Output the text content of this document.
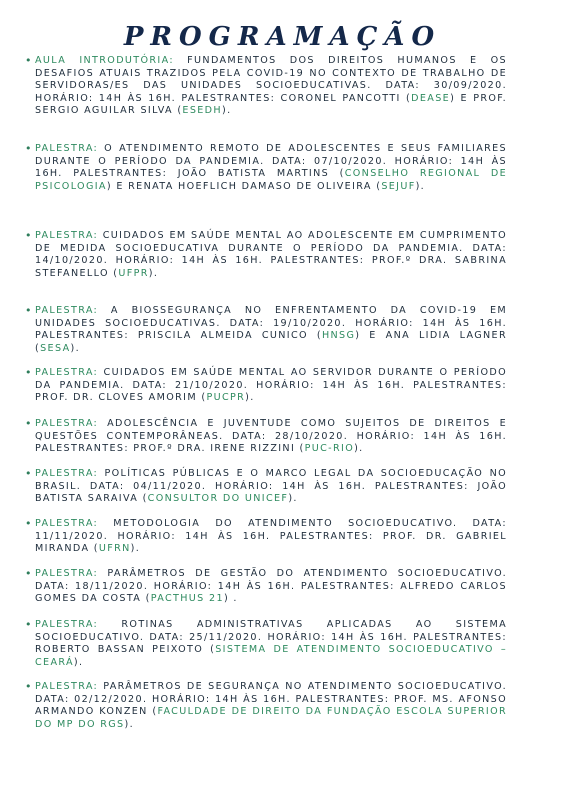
PROGRAMAÇÃO
• AULA INTRODUTÓRIA: FUNDAMENTOS DOS DIREITOS HUMANOS E OS DESAFIOS ATUAIS TRAZIDOS PELA COVID-19 NO CONTEXTO DE TRABALHO DE SERVIDORAS/ES DAS UNIDADES SOCIOEDUCATIVAS. DATA: 30/09/2020. HORÁRIO: 14H ÀS 16H. PALESTRANTES: CORONEL PANCOTTI (DEASE) E PROF. SERGIO AGUILAR SILVA (ESEDH).
• PALESTRA: O ATENDIMENTO REMOTO DE ADOLESCENTES E SEUS FAMILIARES DURANTE O PERÍODO DA PANDEMIA. DATA: 07/10/2020. HORÁRIO: 14H ÀS 16H. PALESTRANTES: JOÃO BATISTA MARTINS (CONSELHO REGIONAL DE PSICOLOGIA) E RENATA HOEFLICH DAMASO DE OLIVEIRA (SEJUF).
• PALESTRA: CUIDADOS EM SAÚDE MENTAL AO ADOLESCENTE EM CUMPRIMENTO DE MEDIDA SOCIOEDUCATIVA DURANTE O PERÍODO DA PANDEMIA. DATA: 14/10/2020. HORÁRIO: 14H ÀS 16H. PALESTRANTES: PROF.º DRA. SABRINA STEFANELLO (UFPR).
• PALESTRA: A BIOSSEGURANÇA NO ENFRENTAMENTO DA COVID-19 EM UNIDADES SOCIOEDUCATIVAS. DATA: 19/10/2020. HORÁRIO: 14H ÀS 16H. PALESTRANTES: PRISCILA ALMEIDA CUNICO (HNSG) E ANA LIDIA LAGNER (SESA).
• PALESTRA: CUIDADOS EM SAÚDE MENTAL AO SERVIDOR DURANTE O PERÍODO DA PANDEMIA. DATA: 21/10/2020. HORÁRIO: 14H ÀS 16H. PALESTRANTES: PROF. DR. CLOVES AMORIM (PUCPR).
• PALESTRA: ADOLESCÊNCIA E JUVENTUDE COMO SUJEITOS DE DIREITOS E QUESTÕES CONTEMPORÂNEAS. DATA: 28/10/2020. HORÁRIO: 14H ÀS 16H. PALESTRANTES: PROF.º DRA. IRENE RIZZINI (PUC-RIO).
• PALESTRA: POLÍTICAS PÚBLICAS E O MARCO LEGAL DA SOCIOEDUCAÇÃO NO BRASIL. DATA: 04/11/2020. HORÁRIO: 14H ÀS 16H. PALESTRANTES: JOÃO BATISTA SARAIVA (CONSULTOR DO UNICEF).
• PALESTRA: METODOLOGIA DO ATENDIMENTO SOCIOEDUCATIVO. DATA: 11/11/2020. HORÁRIO: 14H ÀS 16H. PALESTRANTES: PROF. DR. GABRIEL MIRANDA (UFRN).
• PALESTRA: PARÂMETROS DE GESTÃO DO ATENDIMENTO SOCIOEDUCATIVO. DATA: 18/11/2020. HORÁRIO: 14H ÀS 16H. PALESTRANTES: ALFREDO CARLOS GOMES DA COSTA (PACTHUS 21) .
• PALESTRA: ROTINAS ADMINISTRATIVAS APLICADAS AO SISTEMA SOCIOEDUCATIVO. DATA: 25/11/2020. HORÁRIO: 14H ÀS 16H. PALESTRANTES: ROBERTO BASSAN PEIXOTO (SISTEMA DE ATENDIMENTO SOCIOEDUCATIVO – CEARÁ).
• PALESTRA: PARÂMETROS DE SEGURANÇA NO ATENDIMENTO SOCIOEDUCATIVO. DATA: 02/12/2020. HORÁRIO: 14H ÀS 16H. PALESTRANTES: PROF. MS. AFONSO ARMANDO KONZEN (FACULDADE DE DIREITO DA FUNDAÇÃO ESCOLA SUPERIOR DO MP DO RGS).
